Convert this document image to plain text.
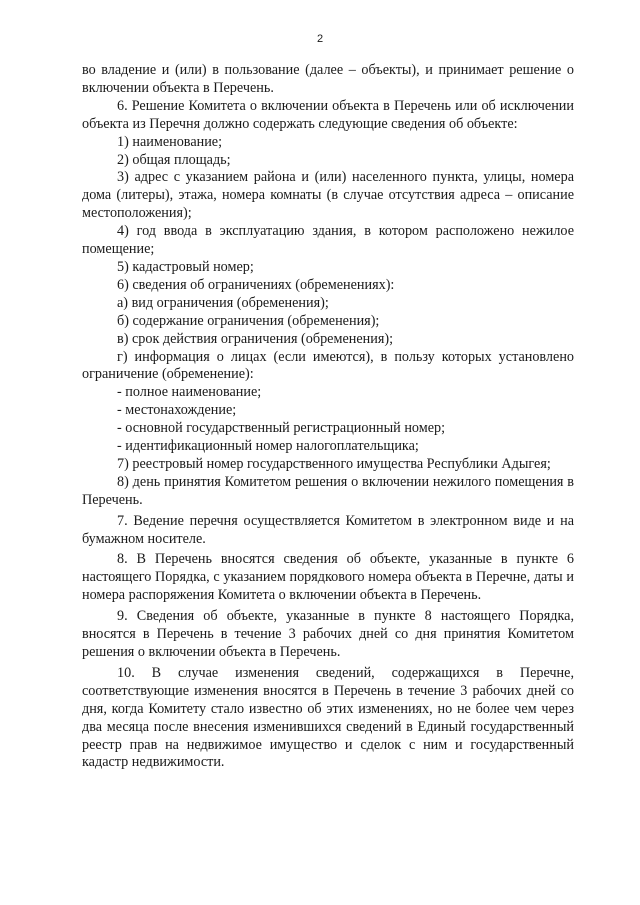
2

во владение и (или) в пользование (далее – объекты), и принимает решение о включении объекта в Перечень.

6. Решение Комитета о включении объекта в Перечень или об исключении объекта из Перечня должно содержать следующие сведения об объекте:

1) наименование;

2) общая площадь;

3) адрес с указанием района и (или) населенного пункта, улицы, номера дома (литеры), этажа, номера комнаты (в случае отсутствия адреса – описание местоположения);

4) год ввода в эксплуатацию здания, в котором расположено нежилое помещение;

5) кадастровый номер;

6) сведения об ограничениях (обременениях):

а) вид ограничения (обременения);

б) содержание ограничения (обременения);

в) срок действия ограничения (обременения);

г) информация о лицах (если имеются), в пользу которых установлено ограничение (обременение):

- полное наименование;

- местонахождение;

- основной государственный регистрационный номер;

- идентификационный номер налогоплательщика;

7) реестровый номер государственного имущества Республики Адыгея;

8) день принятия Комитетом решения о включении нежилого помещения в Перечень.

7. Ведение перечня осуществляется Комитетом в электронном виде и на бумажном носителе.

8. В Перечень вносятся сведения об объекте, указанные в пункте 6 настоящего Порядка, с указанием порядкового номера объекта в Перечне, даты и номера распоряжения Комитета о включении объекта в Перечень.

9. Сведения об объекте, указанные в пункте 8 настоящего Порядка, вносятся в Перечень в течение 3 рабочих дней со дня принятия Комитетом решения о включении объекта в Перечень.

10. В случае изменения сведений, содержащихся в Перечне, соответствующие изменения вносятся в Перечень в течение 3 рабочих дней со дня, когда Комитету стало известно об этих изменениях, но не более чем через два месяца после внесения изменившихся сведений в Единый государственный реестр прав на недвижимое имущество и сделок с ним и государственный кадастр недвижимости.
